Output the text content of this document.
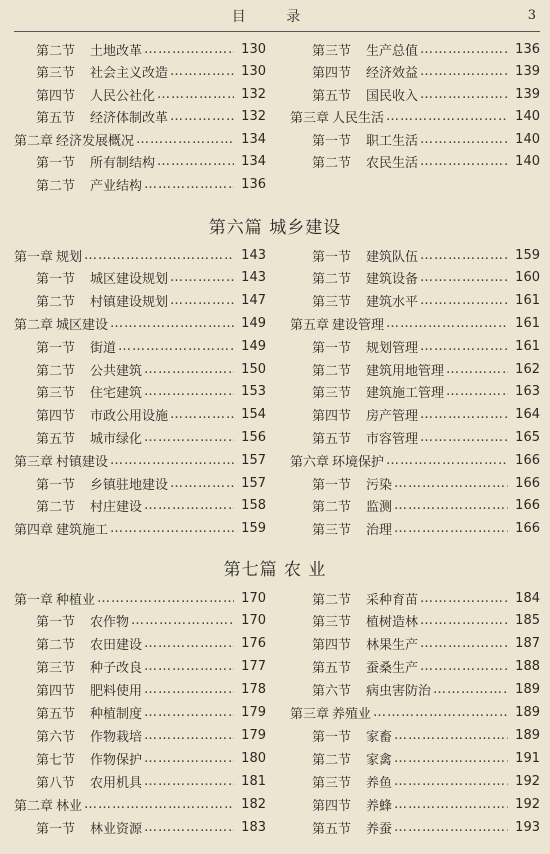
目 录	3
第二节	土地改革 ……………………………………………………………………	130
第三节	社会主义改造 ……………………………………………………………………	130
第四节	人民公社化 ……………………………………………………………………	132
第五节	经济体制改革 ……………………………………………………………………	132
第二章 经济发展概况 ……………………………………………………………………	134
第一节	所有制结构 ……………………………………………………………………	134
第二节	产业结构 ……………………………………………………………………	136
第三节	生产总值 ……………………………………………………………………	136
第四节	经济效益 ……………………………………………………………………	139
第五节	国民收入 ……………………………………………………………………	139
第三章 人民生活 ……………………………………………………………………	140
第一节	职工生活 ……………………………………………………………………	140
第二节	农民生活 ……………………………………………………………………	140
第六篇 城乡建设
第一章 规划 ……………………………………………………………………	143
第一节	城区建设规划 ……………………………………………………………………	143
第二节	村镇建设规划 ……………………………………………………………………	147
第二章 城区建设 ……………………………………………………………………	149
第一节	街道 ……………………………………………………………………	149
第二节	公共建筑 ……………………………………………………………………	150
第三节	住宅建筑 ……………………………………………………………………	153
第四节	市政公用设施 ……………………………………………………………………	154
第五节	城市绿化 ……………………………………………………………………	156
第三章 村镇建设 ……………………………………………………………………	157
第一节	乡镇驻地建设 ……………………………………………………………………	157
第二节	村庄建设 ……………………………………………………………………	158
第四章 建筑施工 ……………………………………………………………………	159
第一节	建筑队伍 ……………………………………………………………………	159
第二节	建筑设备 ……………………………………………………………………	160
第三节	建筑水平 ……………………………………………………………………	161
第五章 建设管理 ……………………………………………………………………	161
第一节	规划管理 ……………………………………………………………………	161
第二节	建筑用地管理 ……………………………………………………………………	162
第三节	建筑施工管理 ……………………………………………………………………	163
第四节	房产管理 ……………………………………………………………………	164
第五节	市容管理 ……………………………………………………………………	165
第六章 环境保护 ……………………………………………………………………	166
第一节	污染 ……………………………………………………………………	166
第二节	监测 ……………………………………………………………………	166
第三节	治理 ……………………………………………………………………	166
第七篇 农 业
第一章 种植业 ……………………………………………………………………	170
第一节	农作物 ……………………………………………………………………	170
第二节	农田建设 ……………………………………………………………………	176
第三节	种子改良 ……………………………………………………………………	177
第四节	肥料使用 ……………………………………………………………………	178
第五节	种植制度 ……………………………………………………………………	179
第六节	作物栽培 ……………………………………………………………………	179
第七节	作物保护 ……………………………………………………………………	180
第八节	农用机具 ……………………………………………………………………	181
第二章 林业 ……………………………………………………………………	182
第一节	林业资源 ……………………………………………………………………	183
第二节	采种育苗 ……………………………………………………………………	184
第三节	植树造林 ……………………………………………………………………	185
第四节	林果生产 ……………………………………………………………………	187
第五节	蚕桑生产 ……………………………………………………………………	188
第六节	病虫害防治 ……………………………………………………………………	189
第三章 养殖业 ……………………………………………………………………	189
第一节	家畜 ……………………………………………………………………	189
第二节	家禽 ……………………………………………………………………	191
第三节	养鱼 ……………………………………………………………………	192
第四节	养蜂 ……………………………………………………………………	192
第五节	养蚕 ……………………………………………………………………	193
